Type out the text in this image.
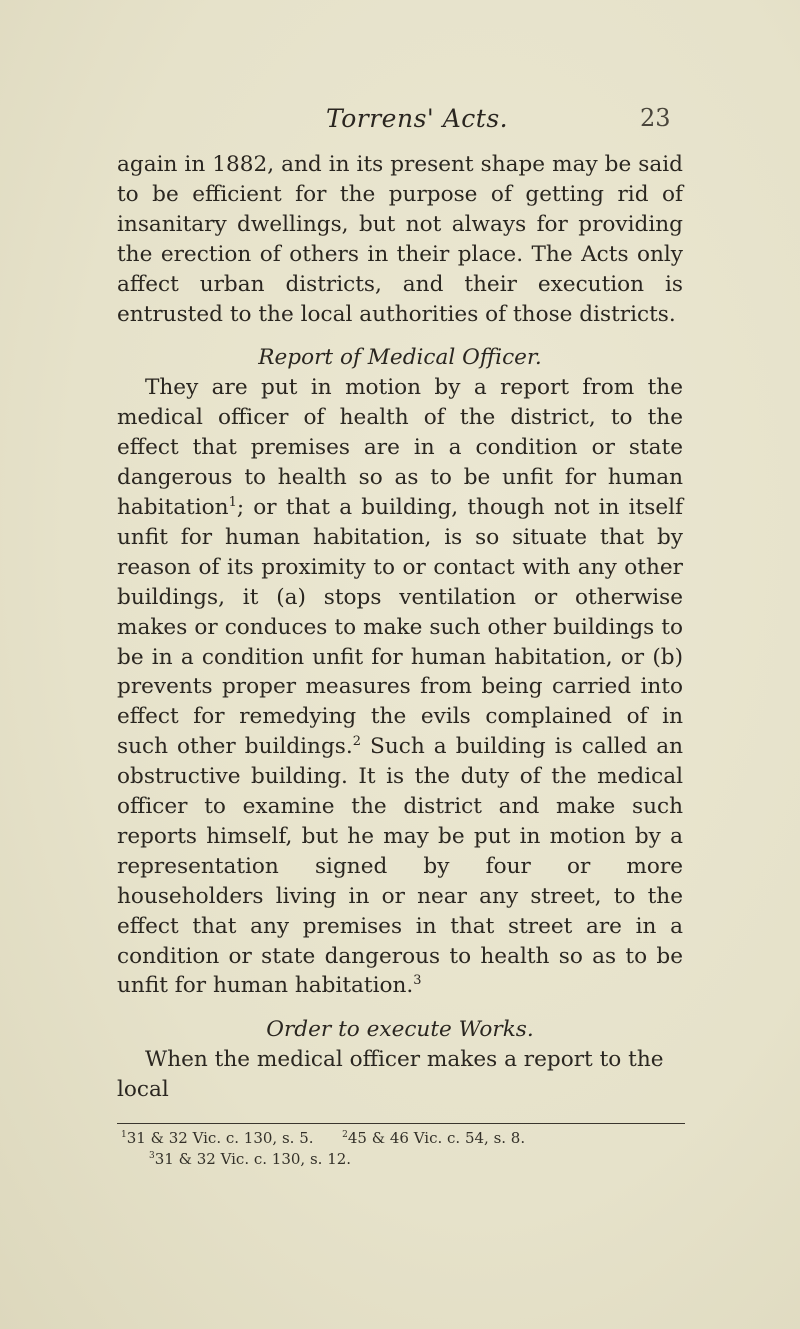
Torrens' Acts.	23

again in 1882, and in its present shape may be said to be efficient for the purpose of getting rid of insanitary dwellings, but not always for providing the erection of others in their place. The Acts only affect urban districts, and their execution is entrusted to the local authorities of those districts.

Report of Medical Officer.

They are put in motion by a report from the medical officer of health of the district, to the effect that premises are in a condition or state dangerous to health so as to be unfit for human habitation$^1$; or that a building, though not in itself unfit for human habitation, is so situate that by reason of its proximity to or contact with any other buildings, it (a) stops ventilation or otherwise makes or conduces to make such other buildings to be in a condition unfit for human habitation, or (b) prevents proper measures from being carried into effect for remedying the evils complained of in such other buildings.$^2$ Such a building is called an obstructive building. It is the duty of the medical officer to examine the district and make such reports himself, but he may be put in motion by a representation signed by four or more householders living in or near any street, to the effect that any premises in that street are in a condition or state dangerous to health so as to be unfit for human habitation.$^3$

Order to execute Works.

When the medical officer makes a report to the local

$^1$31 & 32 Vic. c. 130, s. 5.	$^2$45 & 46 Vic. c. 54, s. 8.
$^3$31 & 32 Vic. c. 130, s. 12.
